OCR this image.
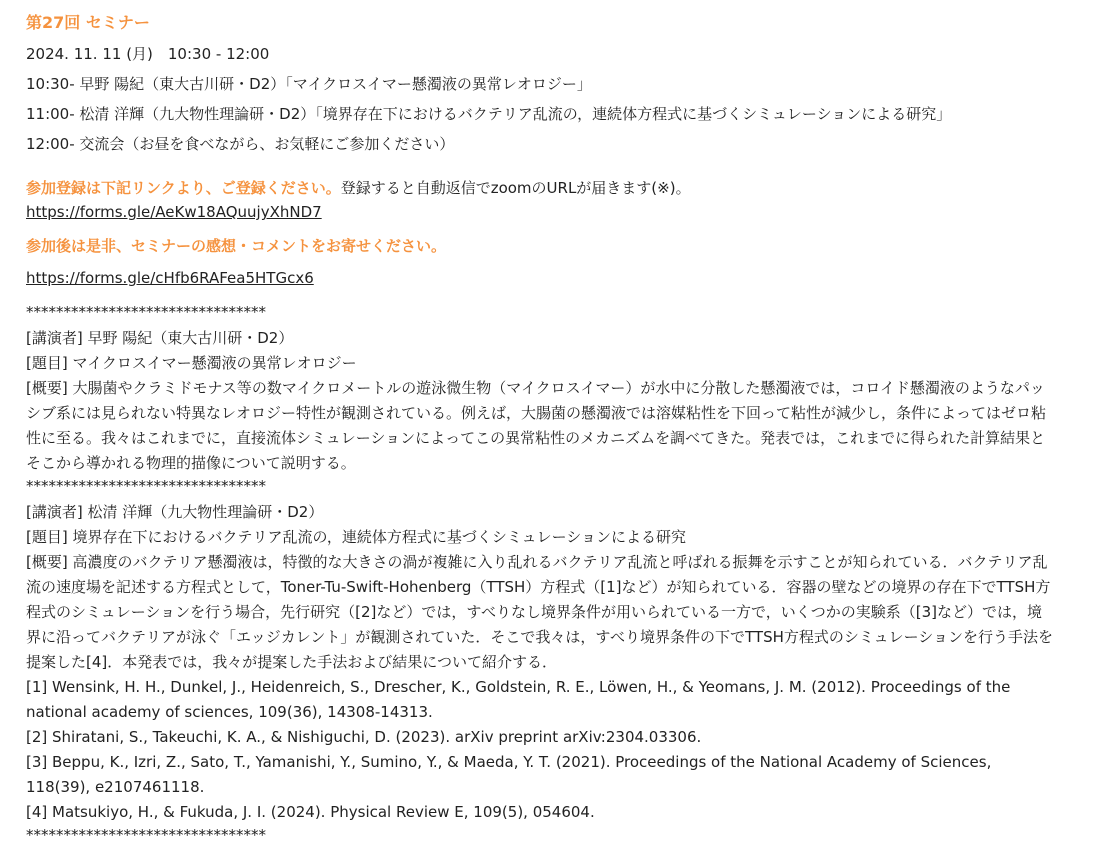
第27回 セミナー
2024. 11. 11 (月)　10:30 - 12:00
10:30- 早野 陽紀（東大古川研・D2）「マイクロスイマー懸濁液の異常レオロジー」
11:00- 松清 洋輝（九大物性理論研・D2）「境界存在下におけるバクテリア乱流の，連続体方程式に基づくシミュレーションによる研究」
12:00- 交流会（お昼を食べながら、お気軽にご参加ください）
参加登録は下記リンクより、ご登録ください。登録すると自動返信でzoomのURLが届きます(※)。
https://forms.gle/AeKw18AQuujyXhND7
参加後は是非、セミナーの感想・コメントをお寄せください。
https://forms.gle/cHfb6RAFea5HTGcx6
********************************

[講演者] 早野 陽紀（東大古川研・D2）

[題目] マイクロスイマー懸濁液の異常レオロジー

[概要] 大腸菌やクラミドモナス等の数マイクロメートルの遊泳微生物（マイクロスイマー）が水中に分散した懸濁液では，コロイド懸濁液のようなパッシブ系には見られない特異なレオロジー特性が観測されている。例えば，大腸菌の懸濁液では溶媒粘性を下回って粘性が減少し，条件によってはゼロ粘性に至る。我々はこれまでに，直接流体シミュレーションによってこの異常粘性のメカニズムを調べてきた。発表では，これまでに得られた計算結果とそこから導かれる物理的描像について説明する。

********************************

[講演者] 松清 洋輝（九大物性理論研・D2）

[題目] 境界存在下におけるバクテリア乱流の，連続体方程式に基づくシミュレーションによる研究

[概要] 高濃度のバクテリア懸濁液は，特徴的な大きさの渦が複雑に入り乱れるバクテリア乱流と呼ばれる振舞を示すことが知られている．バクテリア乱流の速度場を記述する方程式として，Toner-Tu-Swift-Hohenberg（TTSH）方程式（[1]など）が知られている．容器の壁などの境界の存在下でTTSH方程式のシミュレーションを行う場合，先行研究（[2]など）では，すべりなし境界条件が用いられている一方で，いくつかの実験系（[3]など）では，境界に沿ってバクテリアが泳ぐ「エッジカレント」が観測されていた．そこで我々は，すべり境界条件の下でTTSH方程式のシミュレーションを行う手法を提案した[4]．本発表では，我々が提案した手法および結果について紹介する．

[1] Wensink, H. H., Dunkel, J., Heidenreich, S., Drescher, K., Goldstein, R. E., Löwen, H., & Yeomans, J. M. (2012). Proceedings of the national academy of sciences, 109(36), 14308-14313.

[2] Shiratani, S., Takeuchi, K. A., & Nishiguchi, D. (2023). arXiv preprint arXiv:2304.03306.

[3] Beppu, K., Izri, Z., Sato, T., Yamanishi, Y., Sumino, Y., & Maeda, Y. T. (2021). Proceedings of the National Academy of Sciences, 118(39), e2107461118.

[4] Matsukiyo, H., & Fukuda, J. I. (2024). Physical Review E, 109(5), 054604.

********************************
